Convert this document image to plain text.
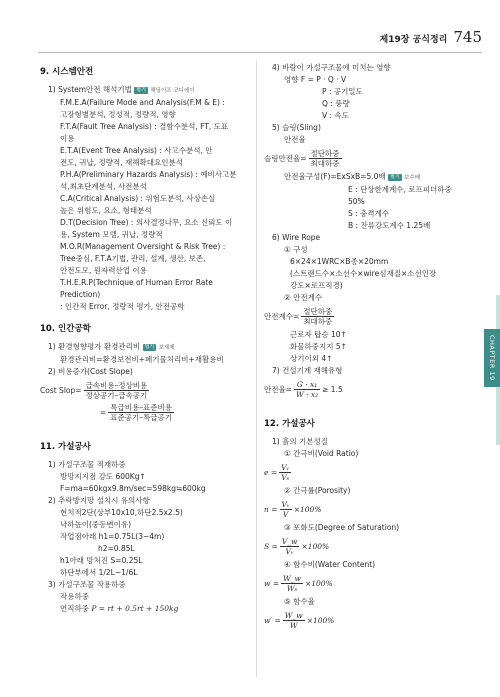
제19장 공식정리 745
CHAPTER 19
9. 시스템안전
1) System안전 해석기법 필기 해딩이프 코디에이
F.M.E.A(Failure Mode and Analysis(F.M & E) :
고장형별분석, 정성적, 정량적, 영향
F.T.A(Fault Tree Analysis) : 결함수분석, FT, 도표
이용
E.T.A(Event Tree Analysis) : 사고수분석, 안
전도, 귀납, 정량적, 재해확대요인분석
P.H.A(Preliminary Hazards Analysis) : 예비사고분
석,최초단계분석, 사전분석
C.A(Critical Analysis) : 위험도분석, 사상손실
높은 위험도, 요소, 형태분석
D.T(Decision Tree) : 의사결정나무, 요소 신뢰도 이
용, System 모델, 귀납, 정량적
M.O.R(Management Oversight & Risk Tree) :
Tree중심, F.T.A기법, 관리, 설계, 생산, 보존,
안전도모, 원자력산업 이용
T.H.E.R.P(Technique of Human Error Rate Prediction)
: 인간적 Error, 정량적 평가, 안전공학
10. 인간공학
1) 환경형향평가 환경관리비 필기 보제제
환경관리비=환경보전비+폐기물처리비+재활용비
2) 비용증가(Cost Slope)
Cost Slop= $\frac{\text{급속비용–정상비용}}{\text{정상공기–급속공기}}$
= $\frac{\text{특급비용–표준비용}}{\text{표준공기–특급공기}}$
11. 가설공사
1) 가설구조물 적재하중
방망지지점 강도 600Kg↑
F=ma=60kgx9.8m/sec=598kg≒600kg
2) 추락방지망 설치시 유의사항
현치적2단(상부10x10,하단2.5x2.5)
낙하높이(중동변이유)
작업점아래 h1=0.75L(3~4m)
h2=0.85L
h1아래 망처진 S=0.25L
하단부에서 1/2L~1/6L
3) 가설구조물 작용하중
작용하중
연직하중 P = rt + 0.5rt + 150kg
4) 바람이 가설구조물에 미치는 영향
영향 F = P · Q · V
P : 공기밀도
Q : 풍량
V : 속도
5) 슬링(Sling)
안전율
슬링안전율= $\frac{\text{절단하중}}{\text{최대하중}}$
안전율구성(F)=ExSxB=5.0배 필기 보수배
E : 단상한계계수, 로프피더하중 50%
S : 충격계수
B : 잔류강도계수 1.25배
6) Wire Rope
① 구성
6×24×1WRC×B종×20mm
(스트랜드수×소선수×wire심재질×소선인장
강도×로프직경)
② 안전계수
안전계수= $\frac{\text{절단하중}}{\text{최대하중}}$
근로자 탑승 10↑
화물하중지지 5↑
상기이외 4↑
7) 건설기계 재해유형
안전율= $\frac{\text{G · x₁}}{\text{W · x₂}} \ge 1.5$
12. 가설공사
1) 흙의 기본성질
① 간극비(Void Ratio)
$e = \frac{\text{Vᵥ}}{\text{Vₛ}}$
② 간극률(Porosity)
$n = \frac{\text{Vᵥ}}{V} \times 100\%$
③ 포화도(Degree of Saturation)
$S = \frac{V\_w}{\text{Vᵥ}} \times 100\%$
④ 함수비(Water Content)
$w = \frac{W\_w}{\text{Wₛ}} \times 100\%$
⑤ 함수율
$w' = \frac{W\_w}{W} \times 100\%$
